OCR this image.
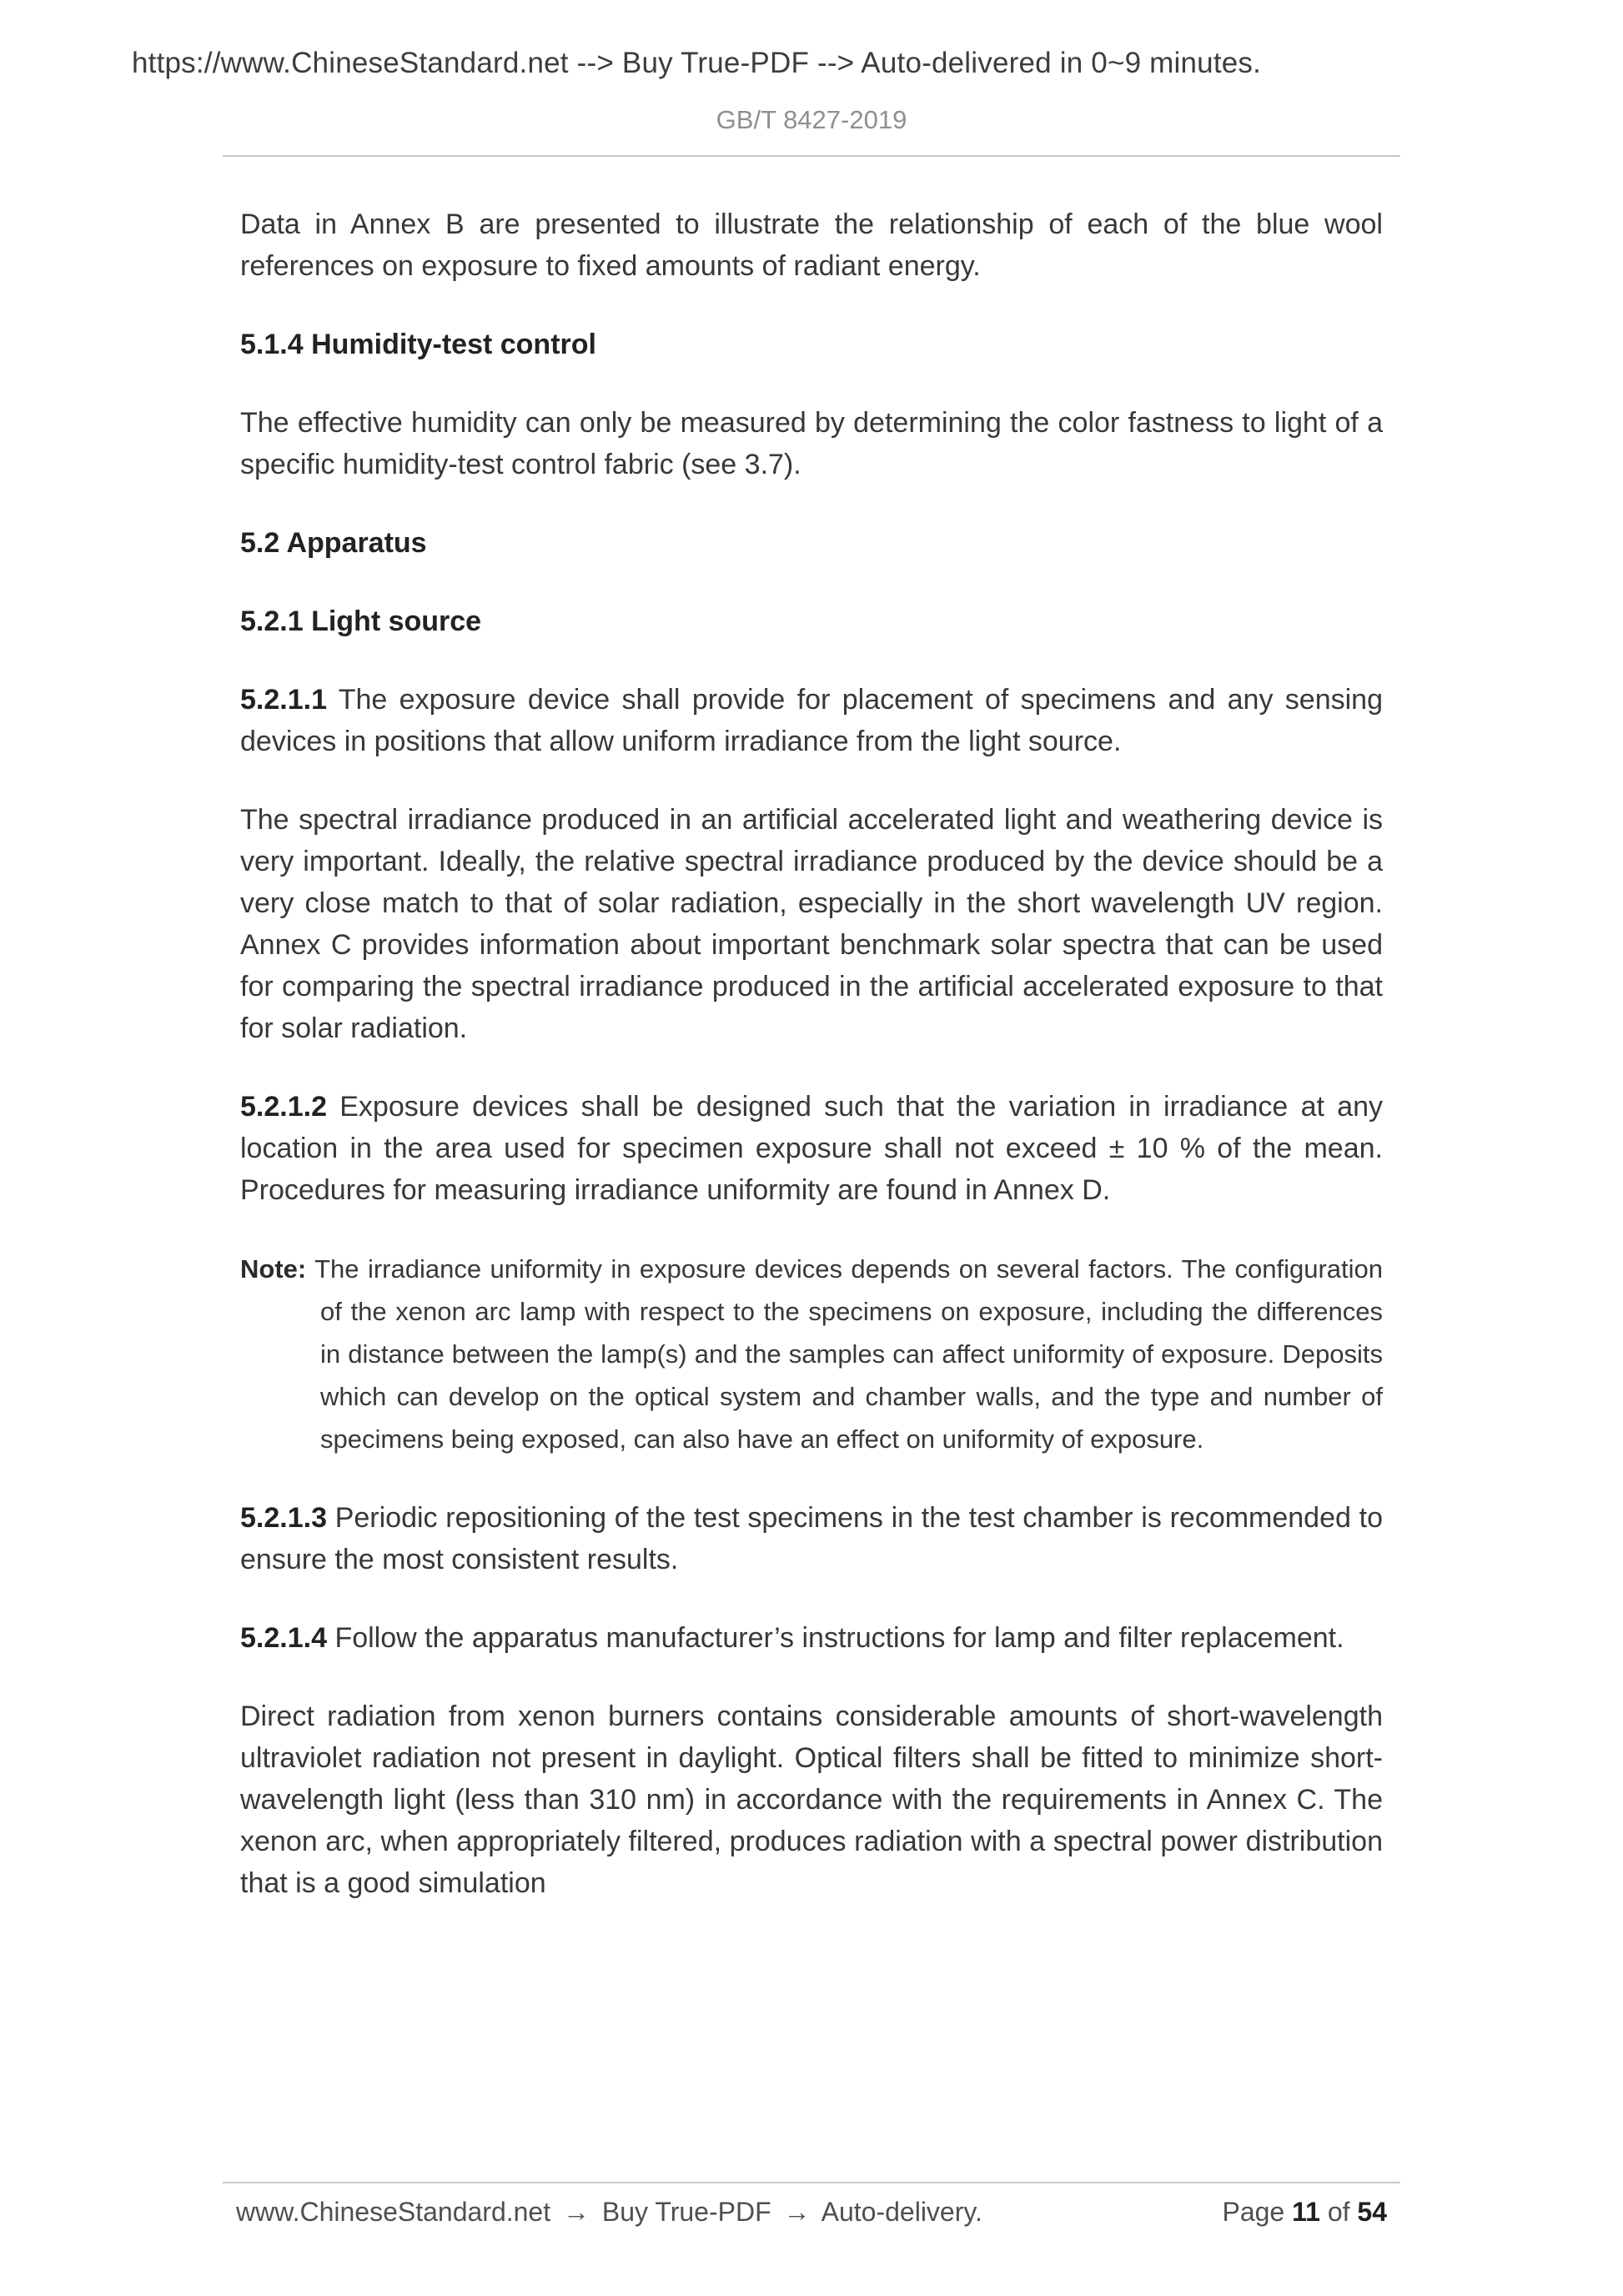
https://www.ChineseStandard.net --> Buy True-PDF --> Auto-delivered in 0~9 minutes.
GB/T 8427-2019

Data in Annex B are presented to illustrate the relationship of each of the blue wool references on exposure to fixed amounts of radiant energy.

5.1.4 Humidity-test control

The effective humidity can only be measured by determining the color fastness to light of a specific humidity-test control fabric (see 3.7).

5.2 Apparatus
5.2.1 Light source

5.2.1.1 The exposure device shall provide for placement of specimens and any sensing devices in positions that allow uniform irradiance from the light source.

The spectral irradiance produced in an artificial accelerated light and weathering device is very important. Ideally, the relative spectral irradiance produced by the device should be a very close match to that of solar radiation, especially in the short wavelength UV region. Annex C provides information about important benchmark solar spectra that can be used for comparing the spectral irradiance produced in the artificial accelerated exposure to that for solar radiation.

5.2.1.2 Exposure devices shall be designed such that the variation in irradiance at any location in the area used for specimen exposure shall not exceed ± 10 % of the mean. Procedures for measuring irradiance uniformity are found in Annex D.

Note: The irradiance uniformity in exposure devices depends on several factors. The configuration of the xenon arc lamp with respect to the specimens on exposure, including the differences in distance between the lamp(s) and the samples can affect uniformity of exposure. Deposits which can develop on the optical system and chamber walls, and the type and number of specimens being exposed, can also have an effect on uniformity of exposure.

5.2.1.3 Periodic repositioning of the test specimens in the test chamber is recommended to ensure the most consistent results.

5.2.1.4 Follow the apparatus manufacturer’s instructions for lamp and filter replacement.

Direct radiation from xenon burners contains considerable amounts of short-wavelength ultraviolet radiation not present in daylight. Optical filters shall be fitted to minimize short-wavelength light (less than 310 nm) in accordance with the requirements in Annex C. The xenon arc, when appropriately filtered, produces radiation with a spectral power distribution that is a good simulation

www.ChineseStandard.net → Buy True-PDF → Auto-delivery.	Page 11 of 54
